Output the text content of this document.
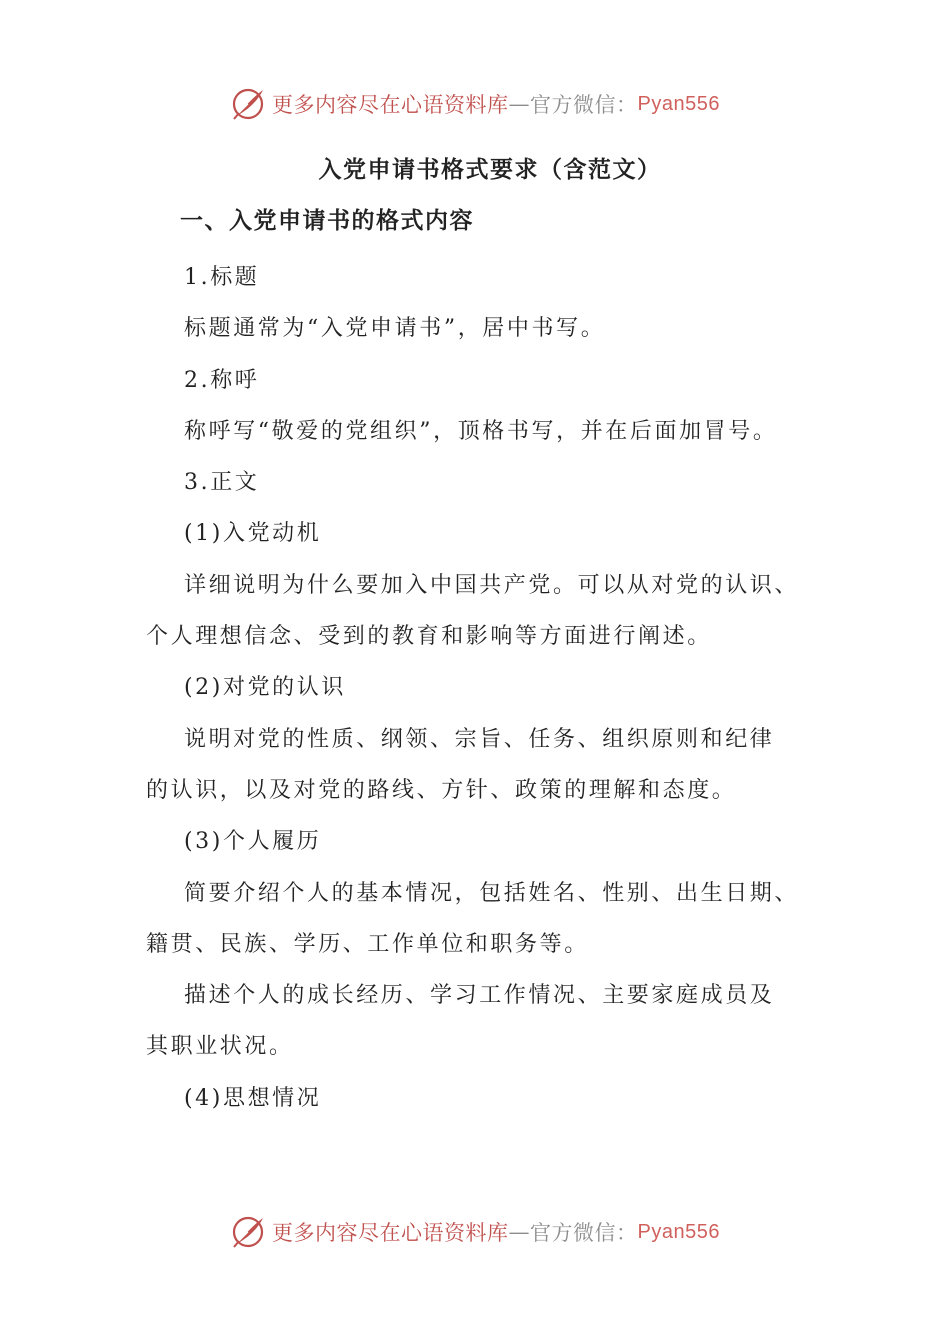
更多内容尽在心语资料库 — 官方微信： Pyan556
入党申请书格式要求（含范文）
一、入党申请书的格式内容

1.标题

标题通常为“入党申请书”，居中书写。

2.称呼

称呼写“敬爱的党组织”，顶格书写，并在后面加冒号。

3.正文

(1)入党动机

详细说明为什么要加入中国共产党。可以从对党的认识、

个人理想信念、受到的教育和影响等方面进行阐述。

(2)对党的认识

说明对党的性质、纲领、宗旨、任务、组织原则和纪律

的认识，以及对党的路线、方针、政策的理解和态度。

(3)个人履历

简要介绍个人的基本情况，包括姓名、性别、出生日期、

籍贯、民族、学历、工作单位和职务等。

描述个人的成长经历、学习工作情况、主要家庭成员及

其职业状况。

(4)思想情况

更多内容尽在心语资料库 — 官方微信： Pyan556
